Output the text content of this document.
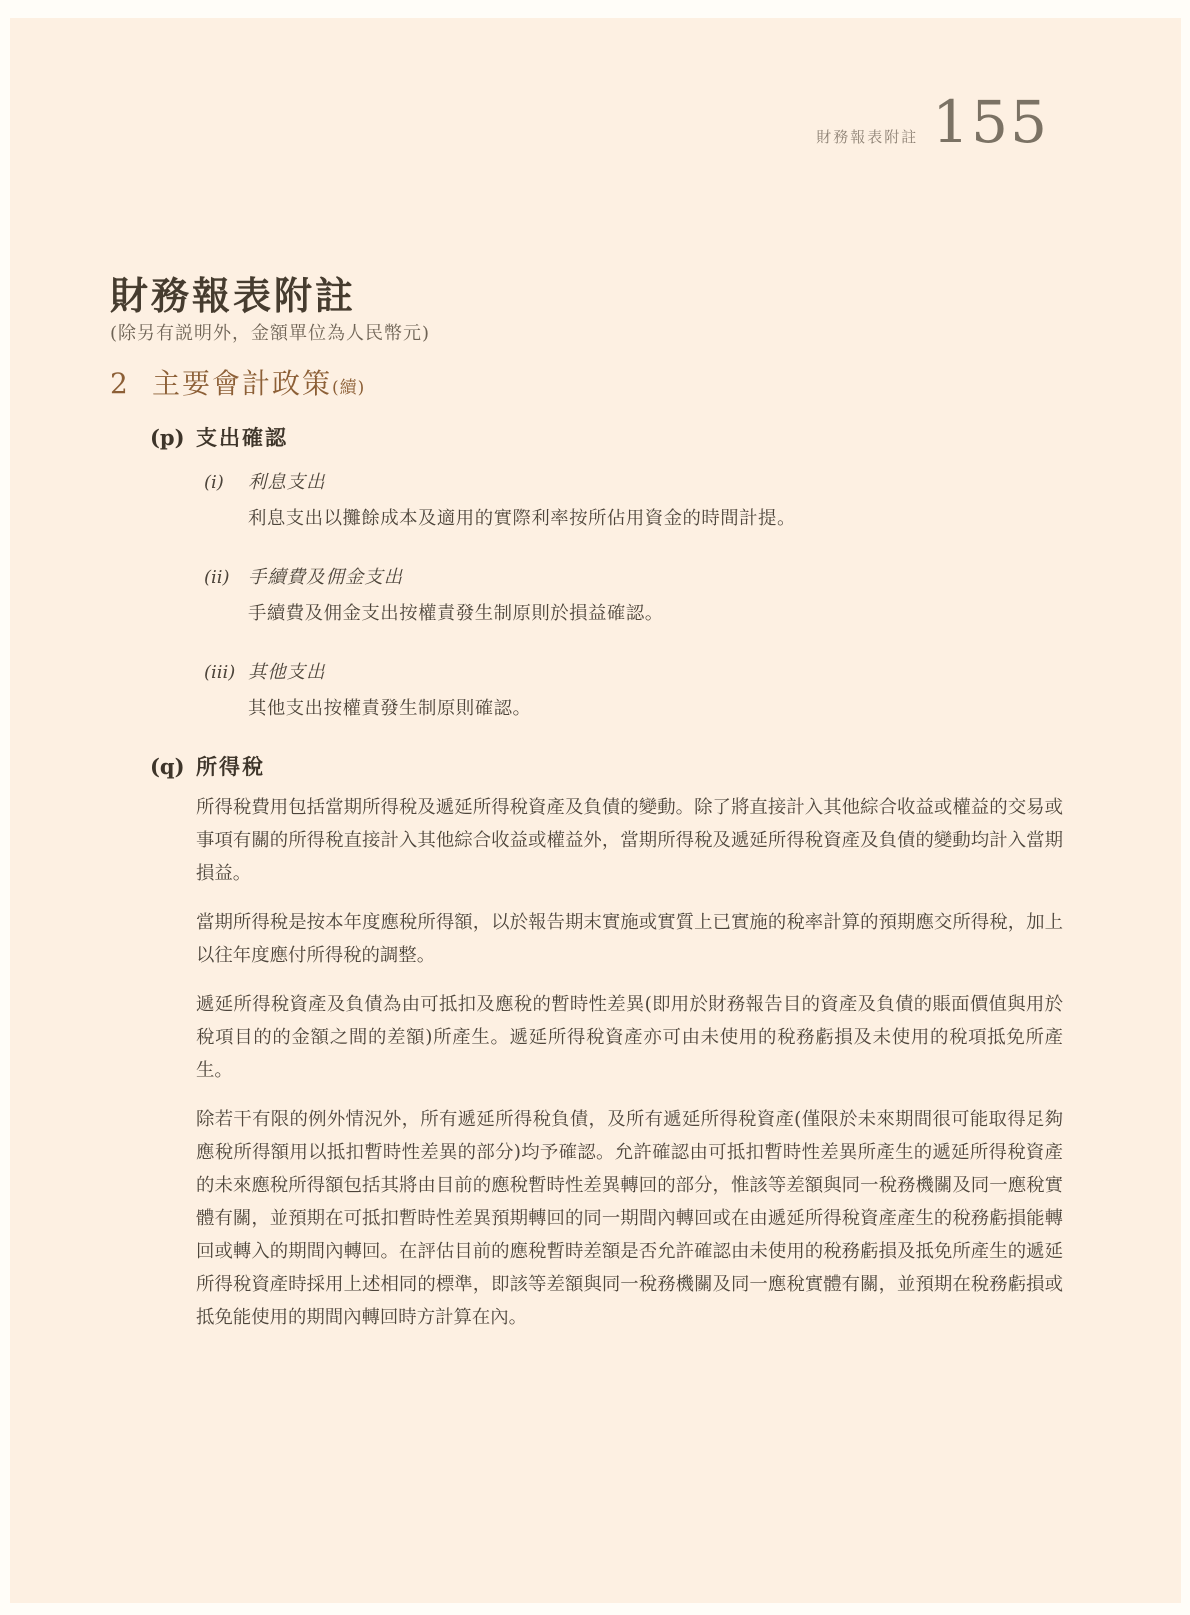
財務報表附註 155
財務報表附註

(除另有説明外，金額單位為人民幣元)

2 主要會計政策(續)
(p) 支出確認
(i)	利息支出
利息支出以攤餘成本及適用的實際利率按所佔用資金的時間計提。
(ii)	手續費及佣金支出
手續費及佣金支出按權責發生制原則於損益確認。
(iii) 其他支出
其他支出按權責發生制原則確認。
(q) 所得稅

所得稅費用包括當期所得稅及遞延所得稅資產及負債的變動。除了將直接計入其他綜合收益或權益的交易或事項有關的所得稅直接計入其他綜合收益或權益外，當期所得稅及遞延所得稅資產及負債的變動均計入當期損益。

當期所得稅是按本年度應稅所得額，以於報告期末實施或實質上已實施的稅率計算的預期應交所得稅，加上以往年度應付所得稅的調整。

遞延所得稅資產及負債為由可抵扣及應稅的暫時性差異(即用於財務報告目的資產及負債的賬面價值與用於稅項目的的金額之間的差額)所產生。遞延所得稅資產亦可由未使用的稅務虧損及未使用的稅項抵免所產生。

除若干有限的例外情況外，所有遞延所得稅負債，及所有遞延所得稅資產(僅限於未來期間很可能取得足夠應稅所得額用以抵扣暫時性差異的部分)均予確認。允許確認由可抵扣暫時性差異所產生的遞延所得稅資產的未來應稅所得額包括其將由目前的應稅暫時性差異轉回的部分，惟該等差額與同一稅務機關及同一應稅實體有關，並預期在可抵扣暫時性差異預期轉回的同一期間內轉回或在由遞延所得稅資產產生的稅務虧損能轉回或轉入的期間內轉回。在評估目前的應稅暫時差額是否允許確認由未使用的稅務虧損及抵免所產生的遞延所得稅資產時採用上述相同的標準，即該等差額與同一稅務機關及同一應稅實體有關，並預期在稅務虧損或抵免能使用的期間內轉回時方計算在內。
